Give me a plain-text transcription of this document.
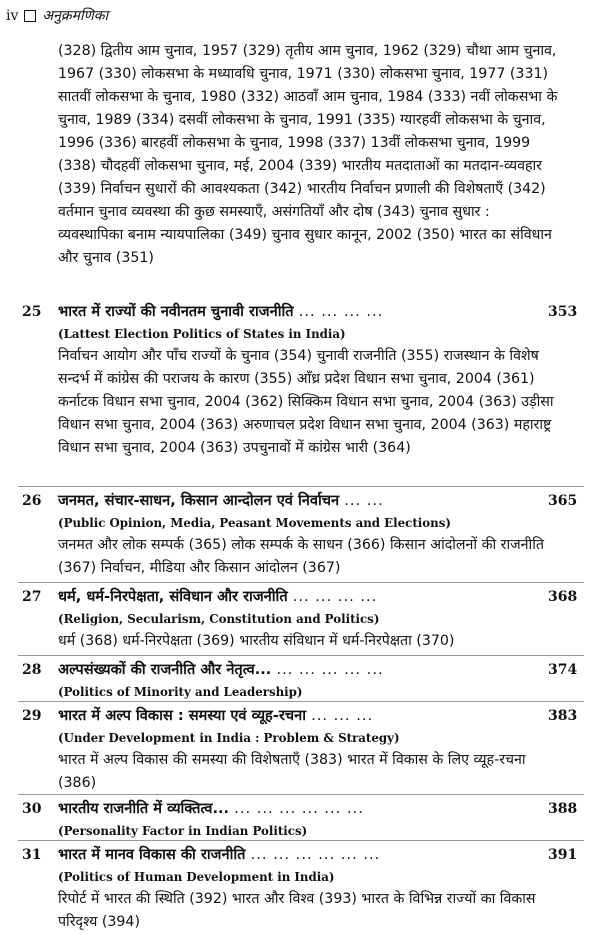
iv अनुक्रमणिका
(328) द्वितीय आम चुनाव, 1957 (329) तृतीय आम चुनाव, 1962 (329) चौथा आम चुनाव, 1967 (330) लोकसभा के मध्यावधि चुनाव, 1971 (330) लोकसभा चुनाव, 1977 (331) सातवीं लोकसभा के चुनाव, 1980 (332) आठवाँ आम चुनाव, 1984 (333) नवीं लोकसभा के चुनाव, 1989 (334) दसवीं लोकसभा के चुनाव, 1991 (335) ग्यारहवीं लोकसभा के चुनाव, 1996 (336) बारहवीं लोकसभा के चुनाव, 1998 (337) 13वीं लोकसभा चुनाव, 1999 (338) चौदहवीं लोकसभा चुनाव, मई, 2004 (339) भारतीय मतदाताओं का मतदान-व्यवहार (339) निर्वाचन सुधारों की आवश्यकता (342) भारतीय निर्वाचन प्रणाली की विशेषताएँ (342) वर्तमान चुनाव व्यवस्था की कुछ समस्याएँ, असंगतियाँ और दोष (343) चुनाव सुधार : व्यवस्थापिका बनाम न्यायपालिका (349) चुनाव सुधार कानून, 2002 (350) भारत का संविधान और चुनाव (351)
25 भारत में राज्यों की नवीनतम चुनावी राजनीति ... ... ... ...	353
(Lattest Election Politics of States in India)
निर्वाचन आयोग और पाँच राज्यों के चुनाव (354) चुनावी राजनीति (355) राजस्थान के विशेष सन्दर्भ में कांग्रेस की पराजय के कारण (355) आँध्र प्रदेश विधान सभा चुनाव, 2004 (361) कर्नाटक विधान सभा चुनाव, 2004 (362) सिक्किम विधान सभा चुनाव, 2004 (363) उड़ीसा विधान सभा चुनाव, 2004 (363) अरुणाचल प्रदेश विधान सभा चुनाव, 2004 (363) महाराष्ट्र विधान सभा चुनाव, 2004 (363) उपचुनावों में कांग्रेस भारी (364)
26 जनमत, संचार-साधन, किसान आन्दोलन एवं निर्वाचन ... ...	365
(Public Opinion, Media, Peasant Movements and Elections)
जनमत और लोक सम्पर्क (365) लोक सम्पर्क के साधन (366) किसान आंदोलनों की राजनीति (367) निर्वाचन, मीडिया और किसान आंदोलन (367)
27 धर्म, धर्म-निरपेक्षता, संविधान और राजनीति ... ... ... ...	368
(Religion, Secularism, Constitution and Politics)
धर्म (368) धर्म-निरपेक्षता (369) भारतीय संविधान में धर्म-निरपेक्षता (370)
28 अल्पसंख्यकों की राजनीति और नेतृत्व... ... ... ... ... ...	374
(Politics of Minority and Leadership)
29 भारत में अल्प विकास : समस्या एवं व्यूह-रचना ... ... ...	383
(Under Development in India : Problem & Strategy)
भारत में अल्प विकास की समस्या की विशेषताएँ (383) भारत में विकास के लिए व्यूह-रचना (386)
30 भारतीय राजनीति में व्यक्तित्व... ... ... ... ... ... ...	388
(Personality Factor in Indian Politics)
31 भारत में मानव विकास की राजनीति ... ... ... ... ... ...	391
(Politics of Human Development in India)
रिपोर्ट में भारत की स्थिति (392) भारत और विश्व (393) भारत के विभिन्न राज्यों का विकास परिदृश्य (394)
